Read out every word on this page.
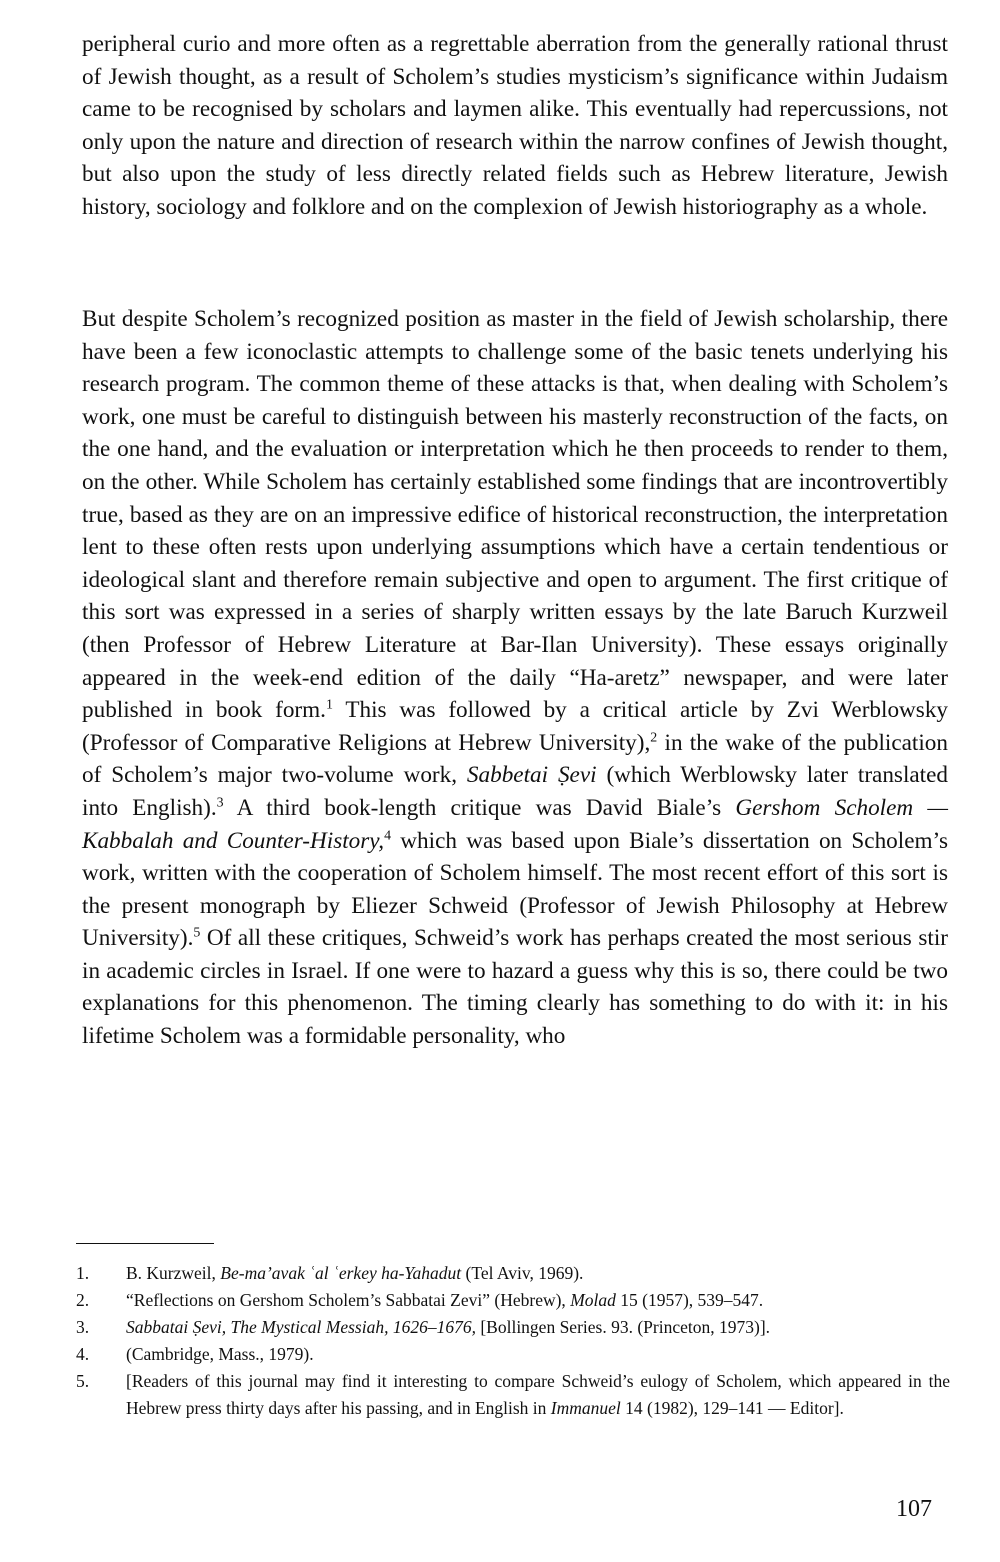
peripheral curio and more often as a regrettable aberration from the generally rational thrust of Jewish thought, as a result of Scholem’s studies mysticism’s significance within Judaism came to be recognised by scholars and laymen alike. This eventually had repercussions, not only upon the nature and direction of research within the narrow confines of Jewish thought, but also upon the study of less directly related fields such as Hebrew literature, Jewish history, sociology and folklore and on the complexion of Jewish historiography as a whole.

But despite Scholem’s recognized position as master in the field of Jewish scholarship, there have been a few iconoclastic attempts to challenge some of the basic tenets underlying his research program. The common theme of these attacks is that, when dealing with Scholem’s work, one must be careful to distinguish between his masterly reconstruction of the facts, on the one hand, and the evaluation or interpretation which he then proceeds to render to them, on the other. While Scholem has certainly established some findings that are incontrovertibly true, based as they are on an impressive edifice of historical reconstruction, the interpretation lent to these often rests upon underlying assumptions which have a certain tendentious or ideological slant and therefore remain subjective and open to argument. The first critique of this sort was expressed in a series of sharply written essays by the late Baruch Kurzweil (then Professor of Hebrew Literature at Bar-Ilan University). These essays originally appeared in the week-end edition of the daily “Ha-aretz” newspaper, and were later published in book form.$^1$ This was followed by a critical article by Zvi Werblowsky (Professor of Comparative Religions at Hebrew University),$^2$ in the wake of the publication of Scholem’s major two-volume work, Sabbetai Ṣevi (which Werblowsky later translated into English).$^3$ A third book-length critique was David Biale’s Gershom Scholem — Kabbalah and Counter-History,$^4$ which was based upon Biale’s dissertation on Scholem’s work, written with the cooperation of Scholem himself. The most recent effort of this sort is the present monograph by Eliezer Schweid (Professor of Jewish Philosophy at Hebrew University).$^5$ Of all these critiques, Schweid’s work has perhaps created the most serious stir in academic circles in Israel. If one were to hazard a guess why this is so, there could be two explanations for this phenomenon. The timing clearly has something to do with it: in his lifetime Scholem was a formidable personality, who

1.	B. Kurzweil, Be-ma’avak ʿal ʿerkey ha-Yahadut (Tel Aviv, 1969).
2.	“Reflections on Gershom Scholem’s Sabbatai Zevi” (Hebrew), Molad 15 (1957), 539–547.
3.	Sabbatai Ṣevi, The Mystical Messiah, 1626–1676, [Bollingen Series. 93. (Princeton, 1973)].
4.	(Cambridge, Mass., 1979).
5.	[Readers of this journal may find it interesting to compare Schweid’s eulogy of Scholem, which appeared in the Hebrew press thirty days after his passing, and in English in Immanuel 14 (1982), 129–141 — Editor].
107
